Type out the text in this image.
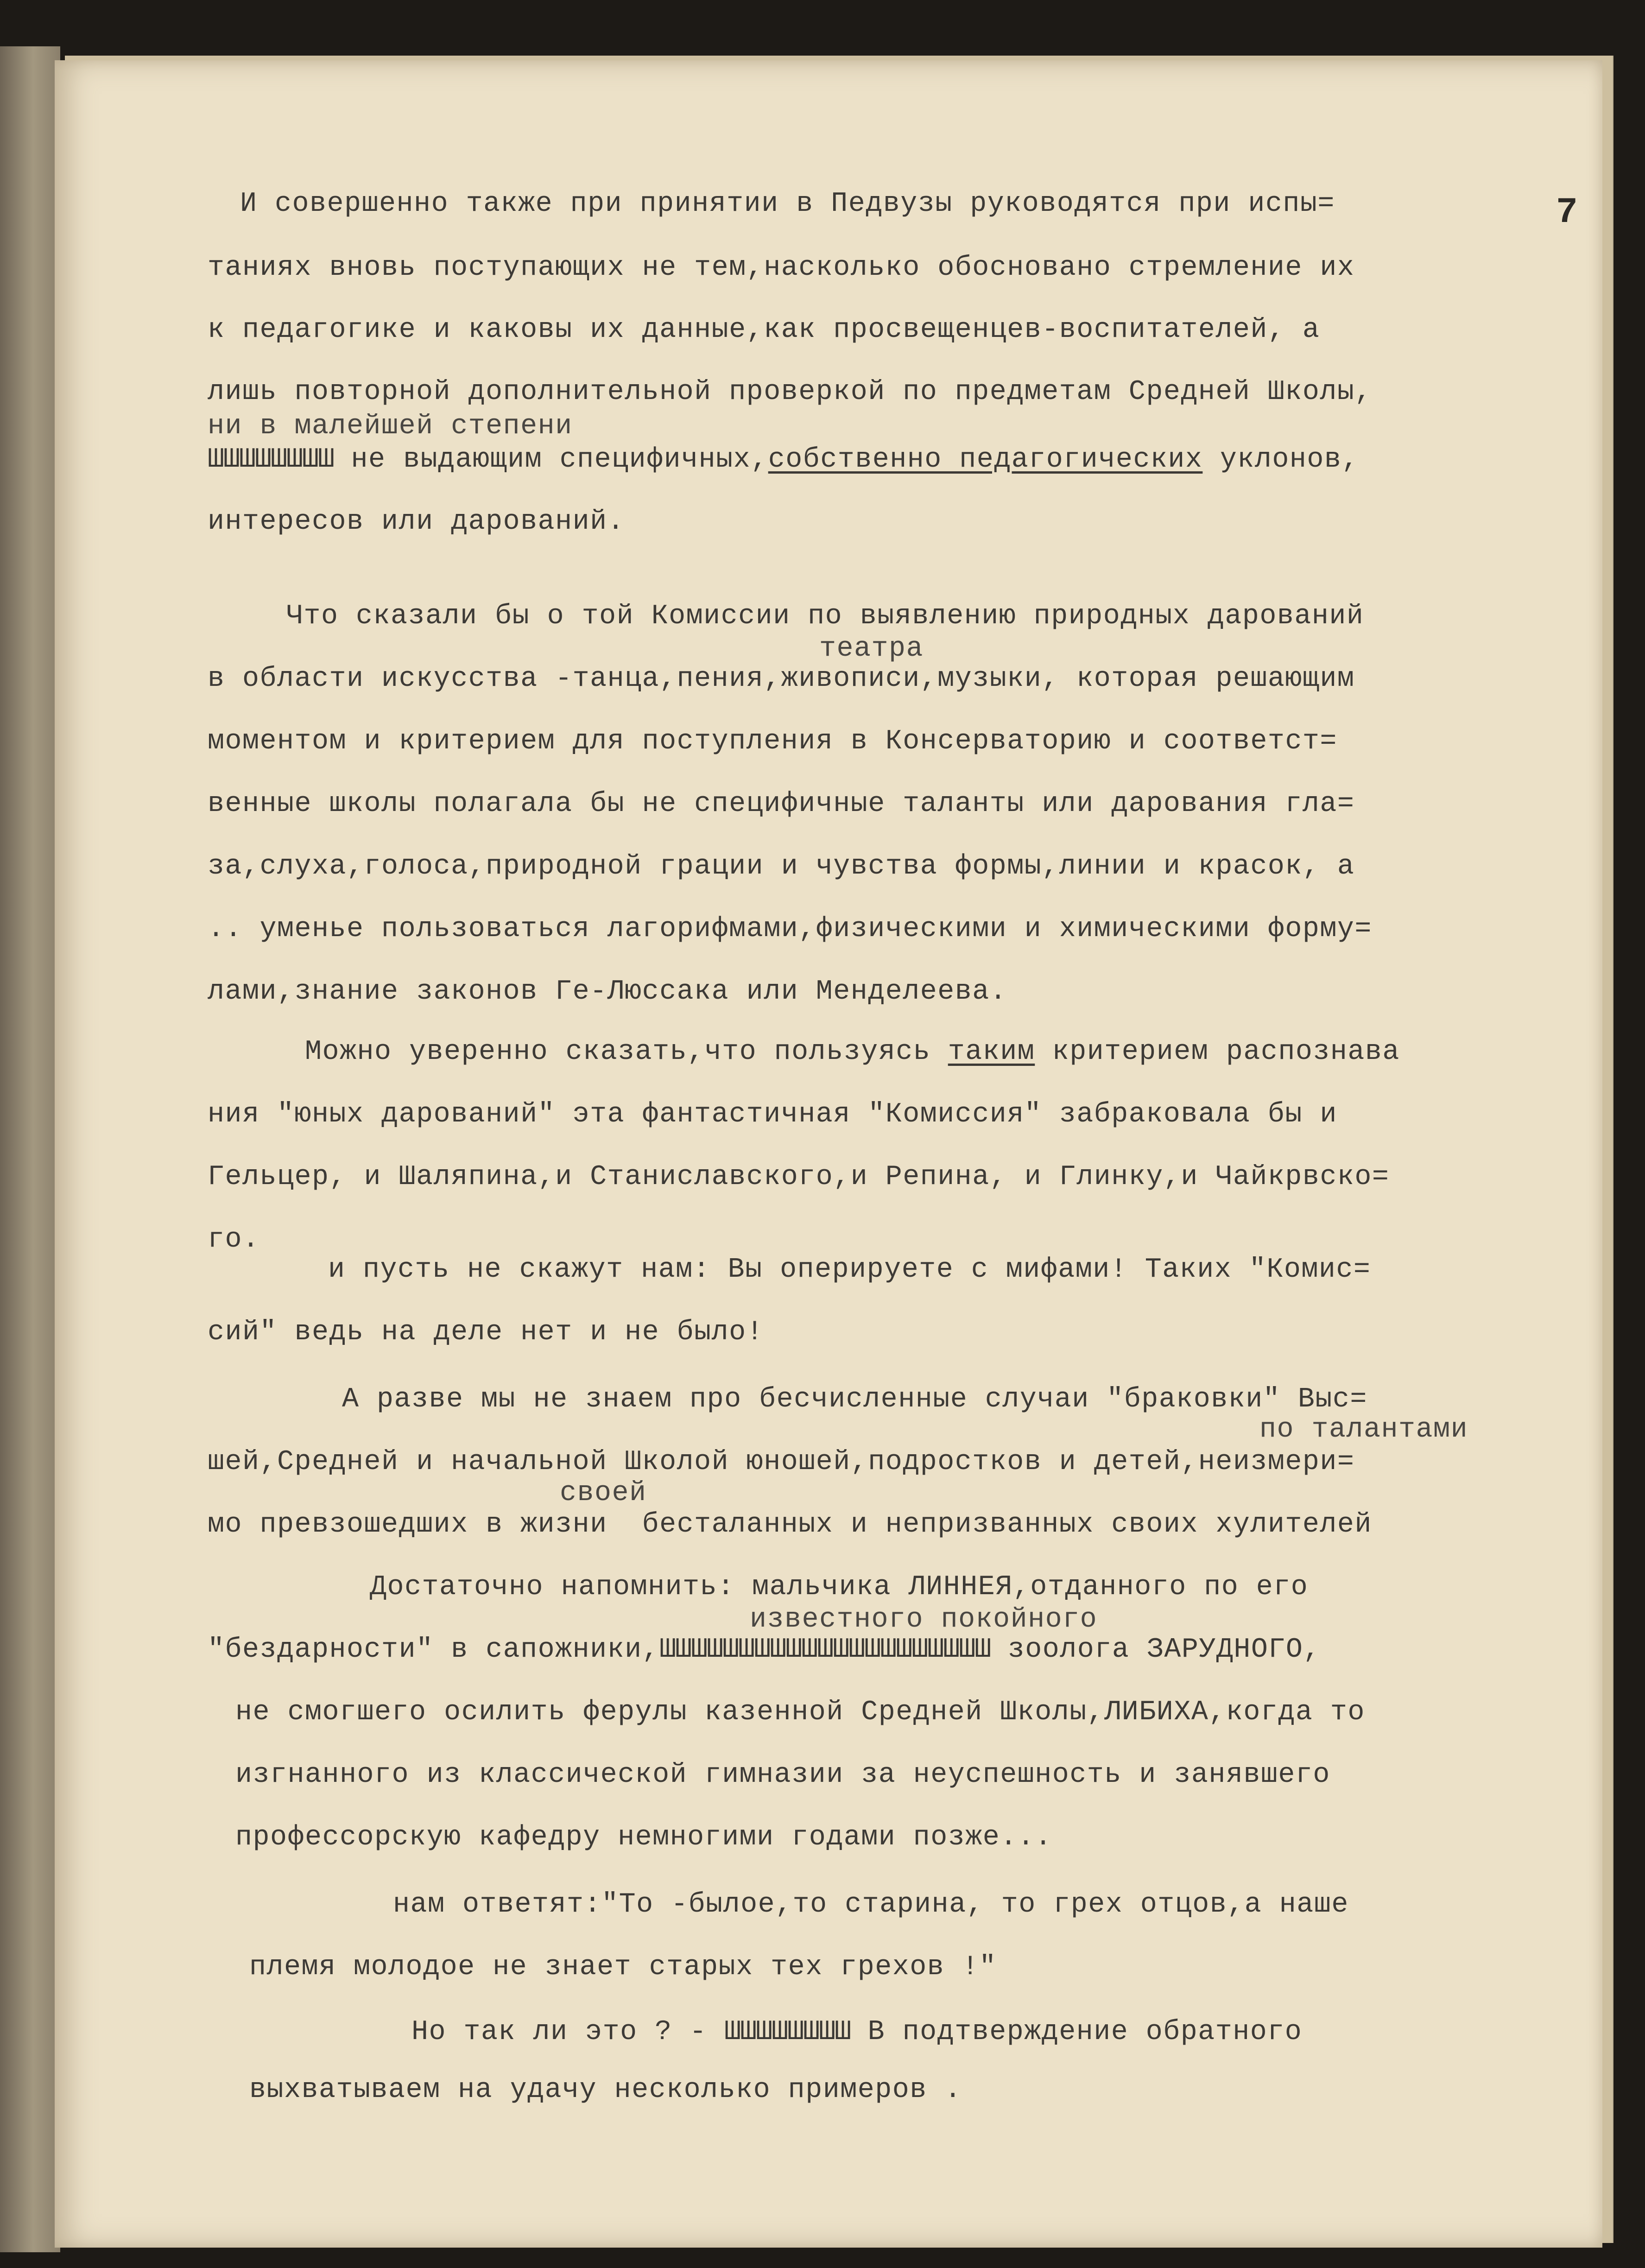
7
И совершенно также при принятии в Педвузы руководятся при испы=
таниях вновь поступающих не тем,насколько обосновано стремление их
к педагогике и каковы их данные,как просвещенцев-воспитателей, а
лишь повторной дополнительной проверкой по предметам Средней Школы,
ни в малейшей степени
ШШШШШШШШ не выдающим специфичных,собственно педагогических уклонов,
интересов или дарований.
Что сказали бы о той Комиссии по выявлению природных дарований
театра
в области искусства -танца,пения,живописи,музыки, которая решающим
моментом и критерием для поступления в Консерваторию и соответст=
венные школы полагала бы не специфичные таланты или дарования гла=
за,слуха,голоса,природной грации и чувства формы,линии и красок, а
.. уменье пользоваться лагорифмами,физическими и химическими форму=
лами,знание законов Ге-Люссака или Менделеева.
Можно уверенно сказать,что пользуясь таким критерием распознава
ния "юных дарований" эта фантастичная "Комиссия" забраковала бы и
Гельцер, и Шаляпина,и Станиславского,и Репина, и Глинку,и Чайкрвско=
го.
и пусть не скажут нам: Вы оперируете с мифами! Таких "Комис=
сий" ведь на деле нет и не было!
А разве мы не знаем про бесчисленные случаи "браковки" Выс=
по талантами
шей,Средней и начальной Школой юношей,подростков и детей,неизмери=
своей
мо превзошедших в жизни  бесталанных и непризванных своих хулителей
Достаточно напомнить: мальчика ЛИННЕЯ,отданного по его
известного покойного
"бездарности" в сапожники,ШШШШШШШШШШШШШШШШШШШШШ зоолога ЗАРУДНОГО,
не смогшего осилить ферулы казенной Средней Школы,ЛИБИХА,когда то
изгнанного из классической гимназии за неуспешность и занявшего
профессорскую кафедру немногими годами позже...
нам ответят:"То -былое,то старина, то грех отцов,а наше
племя молодое не знает старых тех грехов !"
Но так ли это ? - ШШШШШШШШ В подтверждение обратного
выхватываем на удачу несколько примеров .
